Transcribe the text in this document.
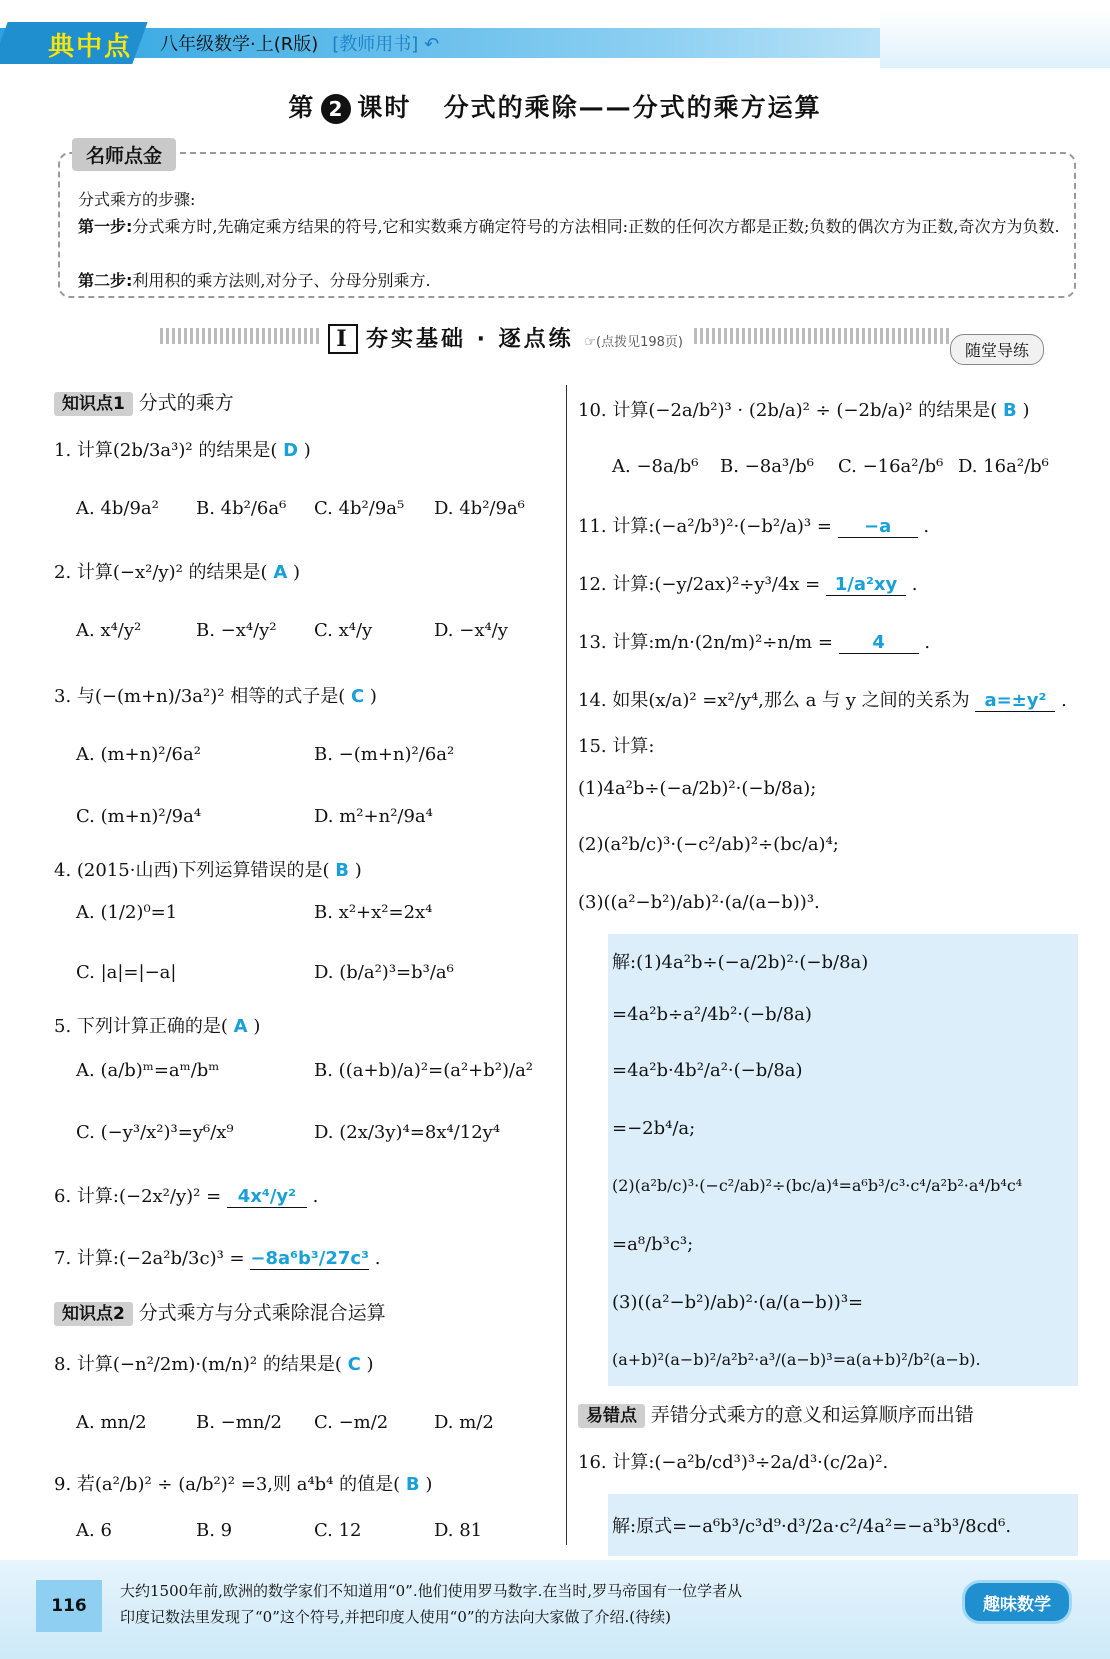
典中点	八年级数学·上(R版) [教师用书] ↶
第 2 课时 分式的乘除——分式的乘方运算
名师点金
分式乘方的步骤:
第一步:分式乘方时,先确定乘方结果的符号,它和实数乘方确定符号的方法相同:正数的任何次方都是正数;负数的偶次方为正数,奇次方为负数.
第二步:利用积的乘方法则,对分子、分母分别乘方.
I 夯实基础 · 逐点练 ☞(点拨见198页)	随堂导练
知识点1 分式的乘方
1. 计算(2b/3a³)² 的结果是( D )
A. 4b/9a² B. 4b²/6a⁶ C. 4b²/9a⁵ D. 4b²/9a⁶
2. 计算(−x²/y)² 的结果是( A )
A. x⁴/y²	B. −x⁴/y² C. x⁴/y	D. −x⁴/y
3. 与(−(m+n)/3a²)² 相等的式子是( C )
A. (m+n)²/6a²	B. −(m+n)²/6a²
C. (m+n)²/9a⁴	D. m²+n²/9a⁴
4. (2015·山西)下列运算错误的是( B )
A. (1/2)⁰=1	B. x²+x²=2x⁴
C. |a|=|−a|	D. (b/a²)³=b³/a⁶
5. 下列计算正确的是( A )
A. (a/b)ᵐ=aᵐ/bᵐ	B. ((a+b)/a)²=(a²+b²)/a²
C. (−y³/x²)³=y⁶/x⁹	D. (2x/3y)⁴=8x⁴/12y⁴
6. 计算:(−2x²/y)² = 4x⁴/y² .
7. 计算:(−2a²b/3c)³ = −8a⁶b³/27c³ .
知识点2 分式乘方与分式乘除混合运算
8. 计算(−n²/2m)·(m/n)² 的结果是( C )
A. mn/2	B. −mn/2 C. −m/2	D. m/2
9. 若(a²/b)² ÷ (a/b²)² =3,则 a⁴b⁴ 的值是( B )
A. 6	B. 9	C. 12	D. 81
10. 计算(−2a/b²)³ · (2b/a)² ÷ (−2b/a)² 的结果是( B )
A. −8a/b⁶ B. −8a³/b⁶ C. −16a²/b⁶ D. 16a²/b⁶
11. 计算:(−a²/b³)²·(−b²/a)³ = −a .
12. 计算:(−y/2ax)²÷y³/4x = 1/a²xy .
13. 计算:m/n·(2n/m)²÷n/m = 4 .
14. 如果(x/a)² =x²/y⁴,那么 a 与 y 之间的关系为 a=±y² .
15. 计算:
(1)4a²b÷(−a/2b)²·(−b/8a);
(2)(a²b/c)³·(−c²/ab)²÷(bc/a)⁴;
(3)((a²−b²)/ab)²·(a/(a−b))³.
解:(1)4a²b÷(−a/2b)²·(−b/8a)
=4a²b÷a²/4b²·(−b/8a)
=4a²b·4b²/a²·(−b/8a)
=−2b⁴/a;
(2)(a²b/c)³·(−c²/ab)²÷(bc/a)⁴=a⁶b³/c³·c⁴/a²b²·a⁴/b⁴c⁴
=a⁸/b³c³;
(3)((a²−b²)/ab)²·(a/(a−b))³=
(a+b)²(a−b)²/a²b²·a³/(a−b)³=a(a+b)²/b²(a−b).
易错点 弄错分式乘方的意义和运算顺序而出错
16. 计算:(−a²b/cd³)³÷2a/d³·(c/2a)².
解:原式=−a⁶b³/c³d⁹·d³/2a·c²/4a²=−a³b³/8cd⁶.
116
大约1500年前,欧洲的数学家们不知道用“0”.他们使用罗马数字.在当时,罗马帝国有一位学者从
印度记数法里发现了“0”这个符号,并把印度人使用“0”的方法向大家做了介绍.(待续)
趣味数学
